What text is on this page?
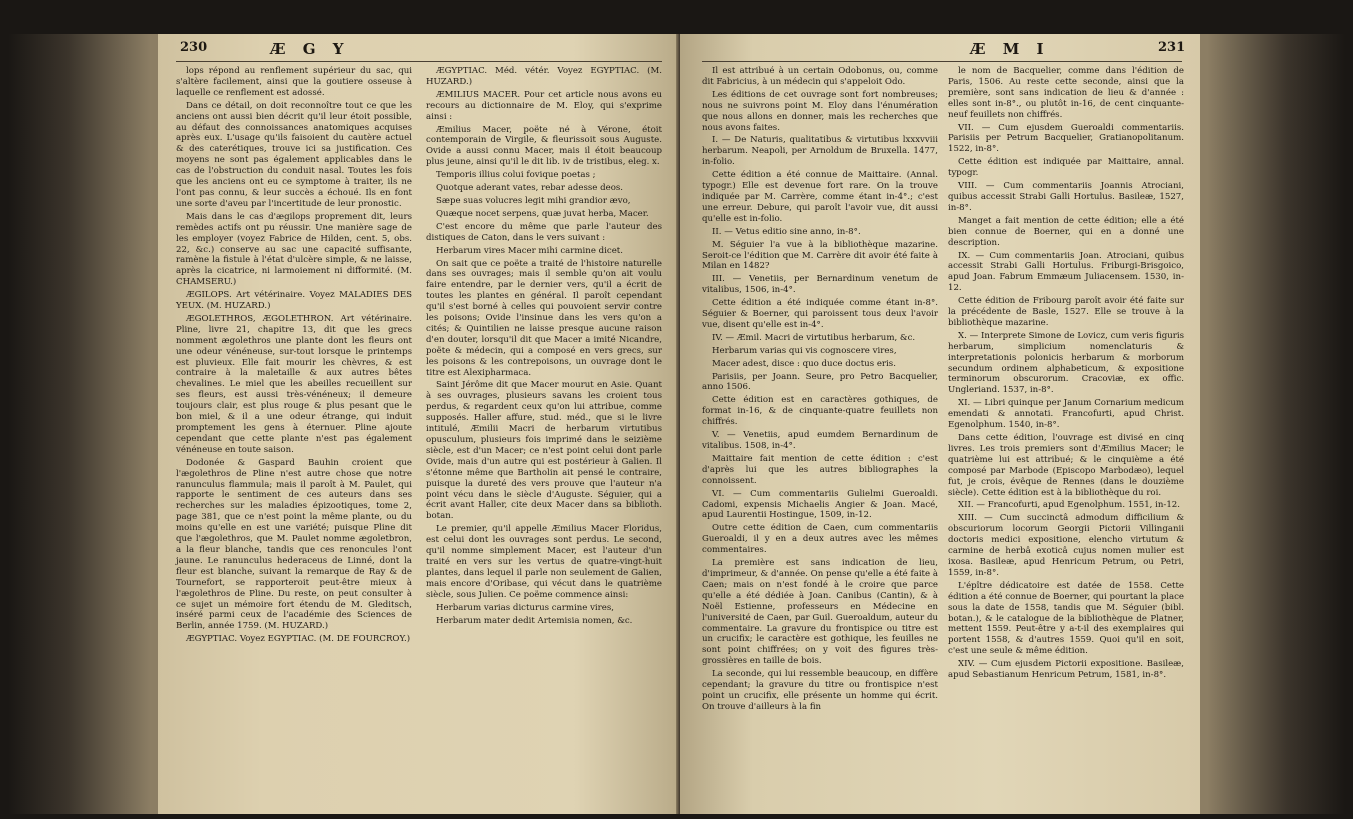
230	Æ G Y

lops répond au renflement supérieur du sac, qui s'altère facilement, ainsi que la goutiere osseuse à laquelle ce renflement est adossé.

Dans ce détail, on doit reconnoître tout ce que les anciens ont aussi bien décrit qu'il leur étoit possible, au défaut des connoissances anatomiques acquises après eux. L'usage qu'ils faisoient du cautère actuel & des caterétiques, trouve ici sa justification. Ces moyens ne sont pas également applicables dans le cas de l'obstruction du conduit nasal. Toutes les fois que les anciens ont eu ce symptome à traiter, ils ne l'ont pas connu, & leur succès a échoué. Ils en font une sorte d'aveu par l'incertitude de leur pronostic.

Mais dans le cas d'ægilops proprement dit, leurs remèdes actifs ont pu réussir. Une manière sage de les employer (voyez Fabrice de Hilden, cent. 5, obs. 22, &c.) conserve au sac une capacité suffisante, ramène la fistule à l'état d'ulcère simple, & ne laisse, après la cicatrice, ni larmoiement ni difformité. (M. CHAMSERU.)

ÆGILOPS. Art vétérinaire. Voyez MALADIES DES YEUX. (M. HUZARD.)

ÆGOLETHROS, ÆGOLETHRON. Art vétérinaire. Pline, livre 21, chapitre 13, dit que les grecs nomment ægolethros une plante dont les fleurs ont une odeur vénéneuse, sur-tout lorsque le printemps est pluvieux. Elle fait mourir les chèvres, & est contraire à la maletaille & aux autres bêtes chevalines. Le miel que les abeilles recueillent sur ses fleurs, est aussi très-vénéneux; il demeure toujours clair, est plus rouge & plus pesant que le bon miel, & il a une odeur étrange, qui induit promptement les gens à éternuer. Pline ajoute cependant que cette plante n'est pas également vénéneuse en toute saison.

Dodonée & Gaspard Bauhin croient que l'ægolethros de Pline n'est autre chose que notre ranunculus flammula; mais il paroît à M. Paulet, qui rapporte le sentiment de ces auteurs dans ses recherches sur les maladies épizootiques, tome 2, page 381, que ce n'est point la même plante, ou du moins qu'elle en est une variété; puisque Pline dit que l'ægolethros, que M. Paulet nomme ægoletbron, a la fleur blanche, tandis que ces renoncules l'ont jaune. Le ranunculus hederaceus de Linné, dont la fleur est blanche, suivant la remarque de Ray & de Tournefort, se rapporteroit peut-être mieux à l'ægolethros de Pline. Du reste, on peut consulter à ce sujet un mémoire fort étendu de M. Gleditsch, inséré parmi ceux de l'académie des Sciences de Berlin, année 1759. (M. HUZARD.)

ÆGYPTIAC. Voyez EGYPTIAC. (M. DE FOURCROY.)

ÆGYPTIAC. Méd. vétér. Voyez EGYPTIAC. (M. HUZARD.)

ÆMILIUS MACER. Pour cet article nous avons eu recours au dictionnaire de M. Eloy, qui s'exprime ainsi :

Æmilius Macer, poëte né à Vérone, étoit contemporain de Virgile, & fleurissoit sous Auguste. Ovide a aussi connu Macer, mais il étoit beaucoup plus jeune, ainsi qu'il le dit lib. iv de tristibus, eleg. x.

Temporis illius colui fovique poetas ;

Quotque aderant vates, rebar adesse deos.

Sæpe suas volucres legit mihi grandior ævo,

Quæque nocet serpens, quæ juvat herba, Macer.

C'est encore du même que parle l'auteur des distiques de Caton, dans le vers suivant :

Herbarum vires Macer mihi carmine dicet.

On sait que ce poëte a traité de l'histoire naturelle dans ses ouvrages; mais il semble qu'on ait voulu faire entendre, par le dernier vers, qu'il a écrit de toutes les plantes en général. Il paroît cependant qu'il s'est borné à celles qui pouvoient servir contre les poisons; Ovide l'insinue dans les vers qu'on a cités; & Quintilien ne laisse presque aucune raison d'en douter, lorsqu'il dit que Macer a imité Nicandre, poëte & médecin, qui a composé en vers grecs, sur les poisons & les contrepoisons, un ouvrage dont le titre est Alexipharmaca.

Saint Jérôme dit que Macer mourut en Asie. Quant à ses ouvrages, plusieurs savans les croient tous perdus, & regardent ceux qu'on lui attribue, comme supposés. Haller affure, stud. méd., que si le livre intitulé, Æmilii Macri de herbarum virtutibus opusculum, plusieurs fois imprimé dans le seizième siècle, est d'un Macer; ce n'est point celui dont parle Ovide, mais d'un autre qui est postérieur à Galien. Il s'étonne même que Bartholin ait pensé le contraire, puisque la dureté des vers prouve que l'auteur n'a point vécu dans le siècle d'Auguste. Séguier, qui a écrit avant Haller, cite deux Macer dans sa biblioth. botan.

Le premier, qu'il appelle Æmilius Macer Floridus, est celui dont les ouvrages sont perdus. Le second, qu'il nomme simplement Macer, est l'auteur d'un traité en vers sur les vertus de quatre-vingt-huit plantes, dans lequel il parle non seulement de Galien, mais encore d'Oribase, qui vécut dans le quatrième siècle, sous Julien. Ce poëme commence ainsi:

Herbarum varias dicturus carmine vires,

Herbarum mater dedit Artemisia nomen, &c.

Æ M I	231

Il est attribué à un certain Odobonus, ou, comme dit Fabricius, à un médecin qui s'appeloit Odo.

Les éditions de cet ouvrage sont fort nombreuses; nous ne suivrons point M. Eloy dans l'énumération que nous allons en donner, mais les recherches que nous avons faites.

I. — De Naturis, qualitatibus & virtutibus lxxxvviii herbarum. Neapoli, per Arnoldum de Bruxella. 1477, in-folio.

Cette édition a été connue de Maittaire. (Annal. typogr.) Elle est devenue fort rare. On la trouve indiquée par M. Carrère, comme étant in-4°.; c'est une erreur. Debure, qui paroît l'avoir vue, dit aussi qu'elle est in-folio.

II. — Vetus editio sine anno, in-8°.

M. Séguier l'a vue à la bibliothèque mazarine. Seroit-ce l'édition que M. Carrère dit avoir été faite à Milan en 1482?

III. — Venetiis, per Bernardinum venetum de vitalibus, 1506, in-4°.

Cette édition a été indiquée comme étant in-8°. Séguier & Boerner, qui paroissent tous deux l'avoir vue, disent qu'elle est in-4°.

IV. — Æmil. Macri de virtutibus herbarum, &c.

Herbarum varias qui vis cognoscere vires,

Macer adest, disce : quo duce doctus eris.

Parisiis, per Joann. Seure, pro Petro Bacquelier, anno 1506.

Cette édition est en caractères gothiques, de format in-16, & de cinquante-quatre feuillets non chiffrés.

V. — Venetiis, apud eumdem Bernardinum de vitalibus. 1508, in-4°.

Maittaire fait mention de cette édition : c'est d'après lui que les autres bibliographes la connoissent.

VI. — Cum commentariis Gulielmi Gueroaldi. Cadomi, expensis Michaelis Angier & Joan. Macé, apud Laurentii Hostingue, 1509, in-12.

Outre cette édition de Caen, cum commentariis Gueroaldi, il y en a deux autres avec les mêmes commentaires.

La première est sans indication de lieu, d'imprimeur, & d'année. On pense qu'elle a été faite à Caen; mais on n'est fondé à le croire que parce qu'elle a été dédiée à Joan. Canibus (Cantin), & à Noël Estienne, professeurs en Médecine en l'université de Caen, par Guil. Gueroaldum, auteur du commentaire. La gravure du frontispice ou titre est un crucifix; le caractère est gothique, les feuilles ne sont point chiffrées; on y voit des figures très-grossières en taille de bois.

La seconde, qui lui ressemble beaucoup, en diffère cependant; la gravure du titre ou frontispice n'est point un crucifix, elle présente un homme qui écrit. On trouve d'ailleurs à la fin

le nom de Bacquelier, comme dans l'édition de Paris, 1506. Au reste cette seconde, ainsi que la première, sont sans indication de lieu & d'année : elles sont in-8°., ou plutôt in-16, de cent cinquante-neuf feuillets non chiffrés.

VII. — Cum ejusdem Gueroaldi commentariis. Parisiis per Petrum Bacquelier, Gratianopolitanum. 1522, in-8°.

Cette édition est indiquée par Maittaire, annal. typogr.

VIII. — Cum commentariis Joannis Atrociani, quibus accessit Strabi Galli Hortulus. Basileæ, 1527, in-8°.

Manget a fait mention de cette édition; elle a été bien connue de Boerner, qui en a donné une description.

IX. — Cum commentariis Joan. Atrociani, quibus accessit Strabi Galli Hortulus. Friburgi-Brisgoico, apud Joan. Fabrum Emmæum Juliacensem. 1530, in-12.

Cette édition de Fribourg paroît avoir été faite sur la précédente de Basle, 1527. Elle se trouve à la bibliothèque mazarine.

X. — Interprete Simone de Lovicz, cum veris figuris herbarum, simplicium nomenclaturis & interpretationis polonicis herbarum & morborum secundum ordinem alphabeticum, & expositione terminorum obscurorum. Cracoviæ, ex offic. Ungleriand. 1537, in-8°.

XI. — Libri quinque per Janum Cornarium medicum emendati & annotati. Francofurti, apud Christ. Egenolphum. 1540, in-8°.

Dans cette édition, l'ouvrage est divisé en cinq livres. Les trois premiers sont d'Æmilius Macer; le quatrième lui est attribué; & le cinquième a été composé par Marbode (Episcopo Marbodæo), lequel fut, je crois, évêque de Rennes (dans le douzième siècle). Cette édition est à la bibliothèque du roi.

XII. — Francofurti, apud Egenolphum. 1551, in-12.

XIII. — Cum succinctâ admodum difficilium & obscuriorum locorum Georgii Pictorii Villinganii doctoris medici expositione, elencho virtutum & carmine de herbâ exoticâ cujus nomen mulier est ixosa. Basileæ, apud Henricum Petrum, ou Petri, 1559, in-8°.

L'épître dédicatoire est datée de 1558. Cette édition a été connue de Boerner, qui pourtant la place sous la date de 1558, tandis que M. Séguier (bibl. botan.), & le catalogue de la bibliothèque de Platner, mettent 1559. Peut-être y a-t-il des exemplaires qui portent 1558, & d'autres 1559. Quoi qu'il en soit, c'est une seule & même édition.

XIV. — Cum ejusdem Pictorii expositione. Basileæ, apud Sebastianum Henricum Petrum, 1581, in-8°.
